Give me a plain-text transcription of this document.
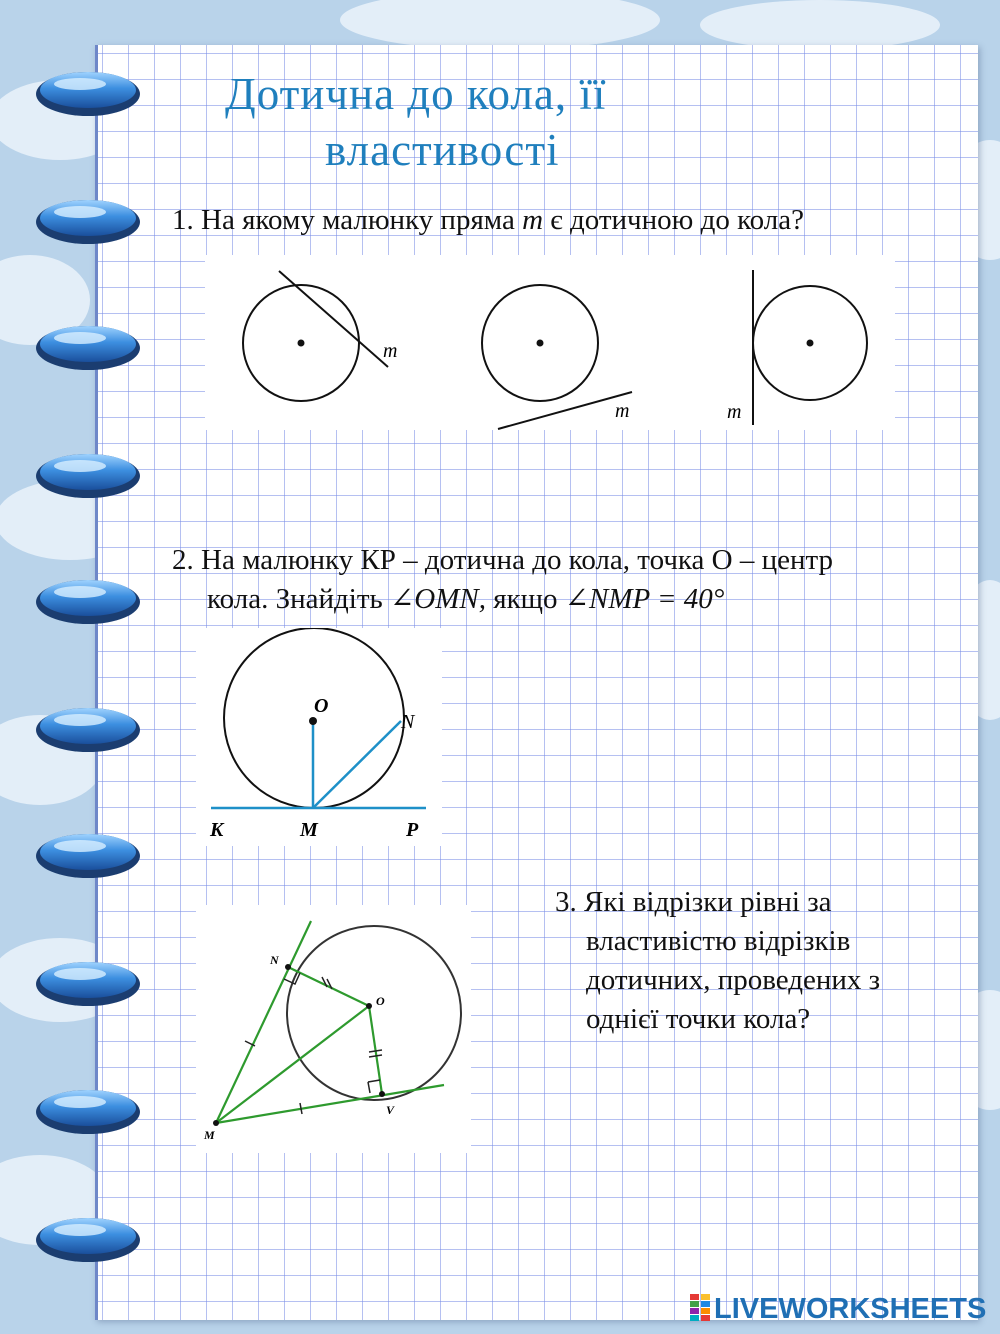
Дотична до кола, її
властивості
1. На якому малюнку пряма m є дотичною до кола?
m
m	m
2. На малюнку КР – дотична до кола, точка О – центр
кола. Знайдіть ∠OMN, якщо ∠NMP = 40°
O
N
K	M	P
3. Які відрізки рівні за
властивістю відрізків
дотичних, проведених з
однієї точки кола?
N
O
M
V
LIVEWORKSHEETS
